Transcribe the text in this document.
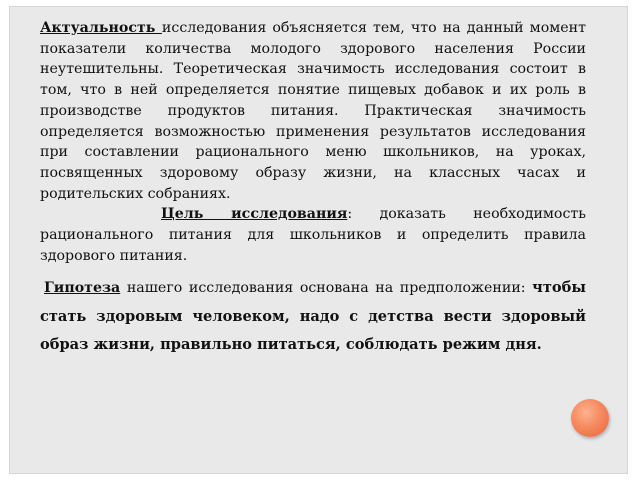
Актуальность исследования объясняется тем, что на данный момент показатели количества молодого здорового населения России неутешительны. Теоретическая значимость исследования состоит в том, что в ней определяется понятие пищевых добавок и их роль в производстве продуктов питания. Практическая значимость определяется возможностью применения результатов исследования при составлении рационального меню школьников, на уроках, посвященных здоровому образу жизни, на классных часах и родительских собраниях.

Цель исследования: доказать необходимость рационального питания для школьников и определить правила здорового питания.

Гипотеза нашего исследования основана на предположении: чтобы стать здоровым человеком, надо с детства вести здоровый образ жизни, правильно питаться, соблюдать режим дня.
